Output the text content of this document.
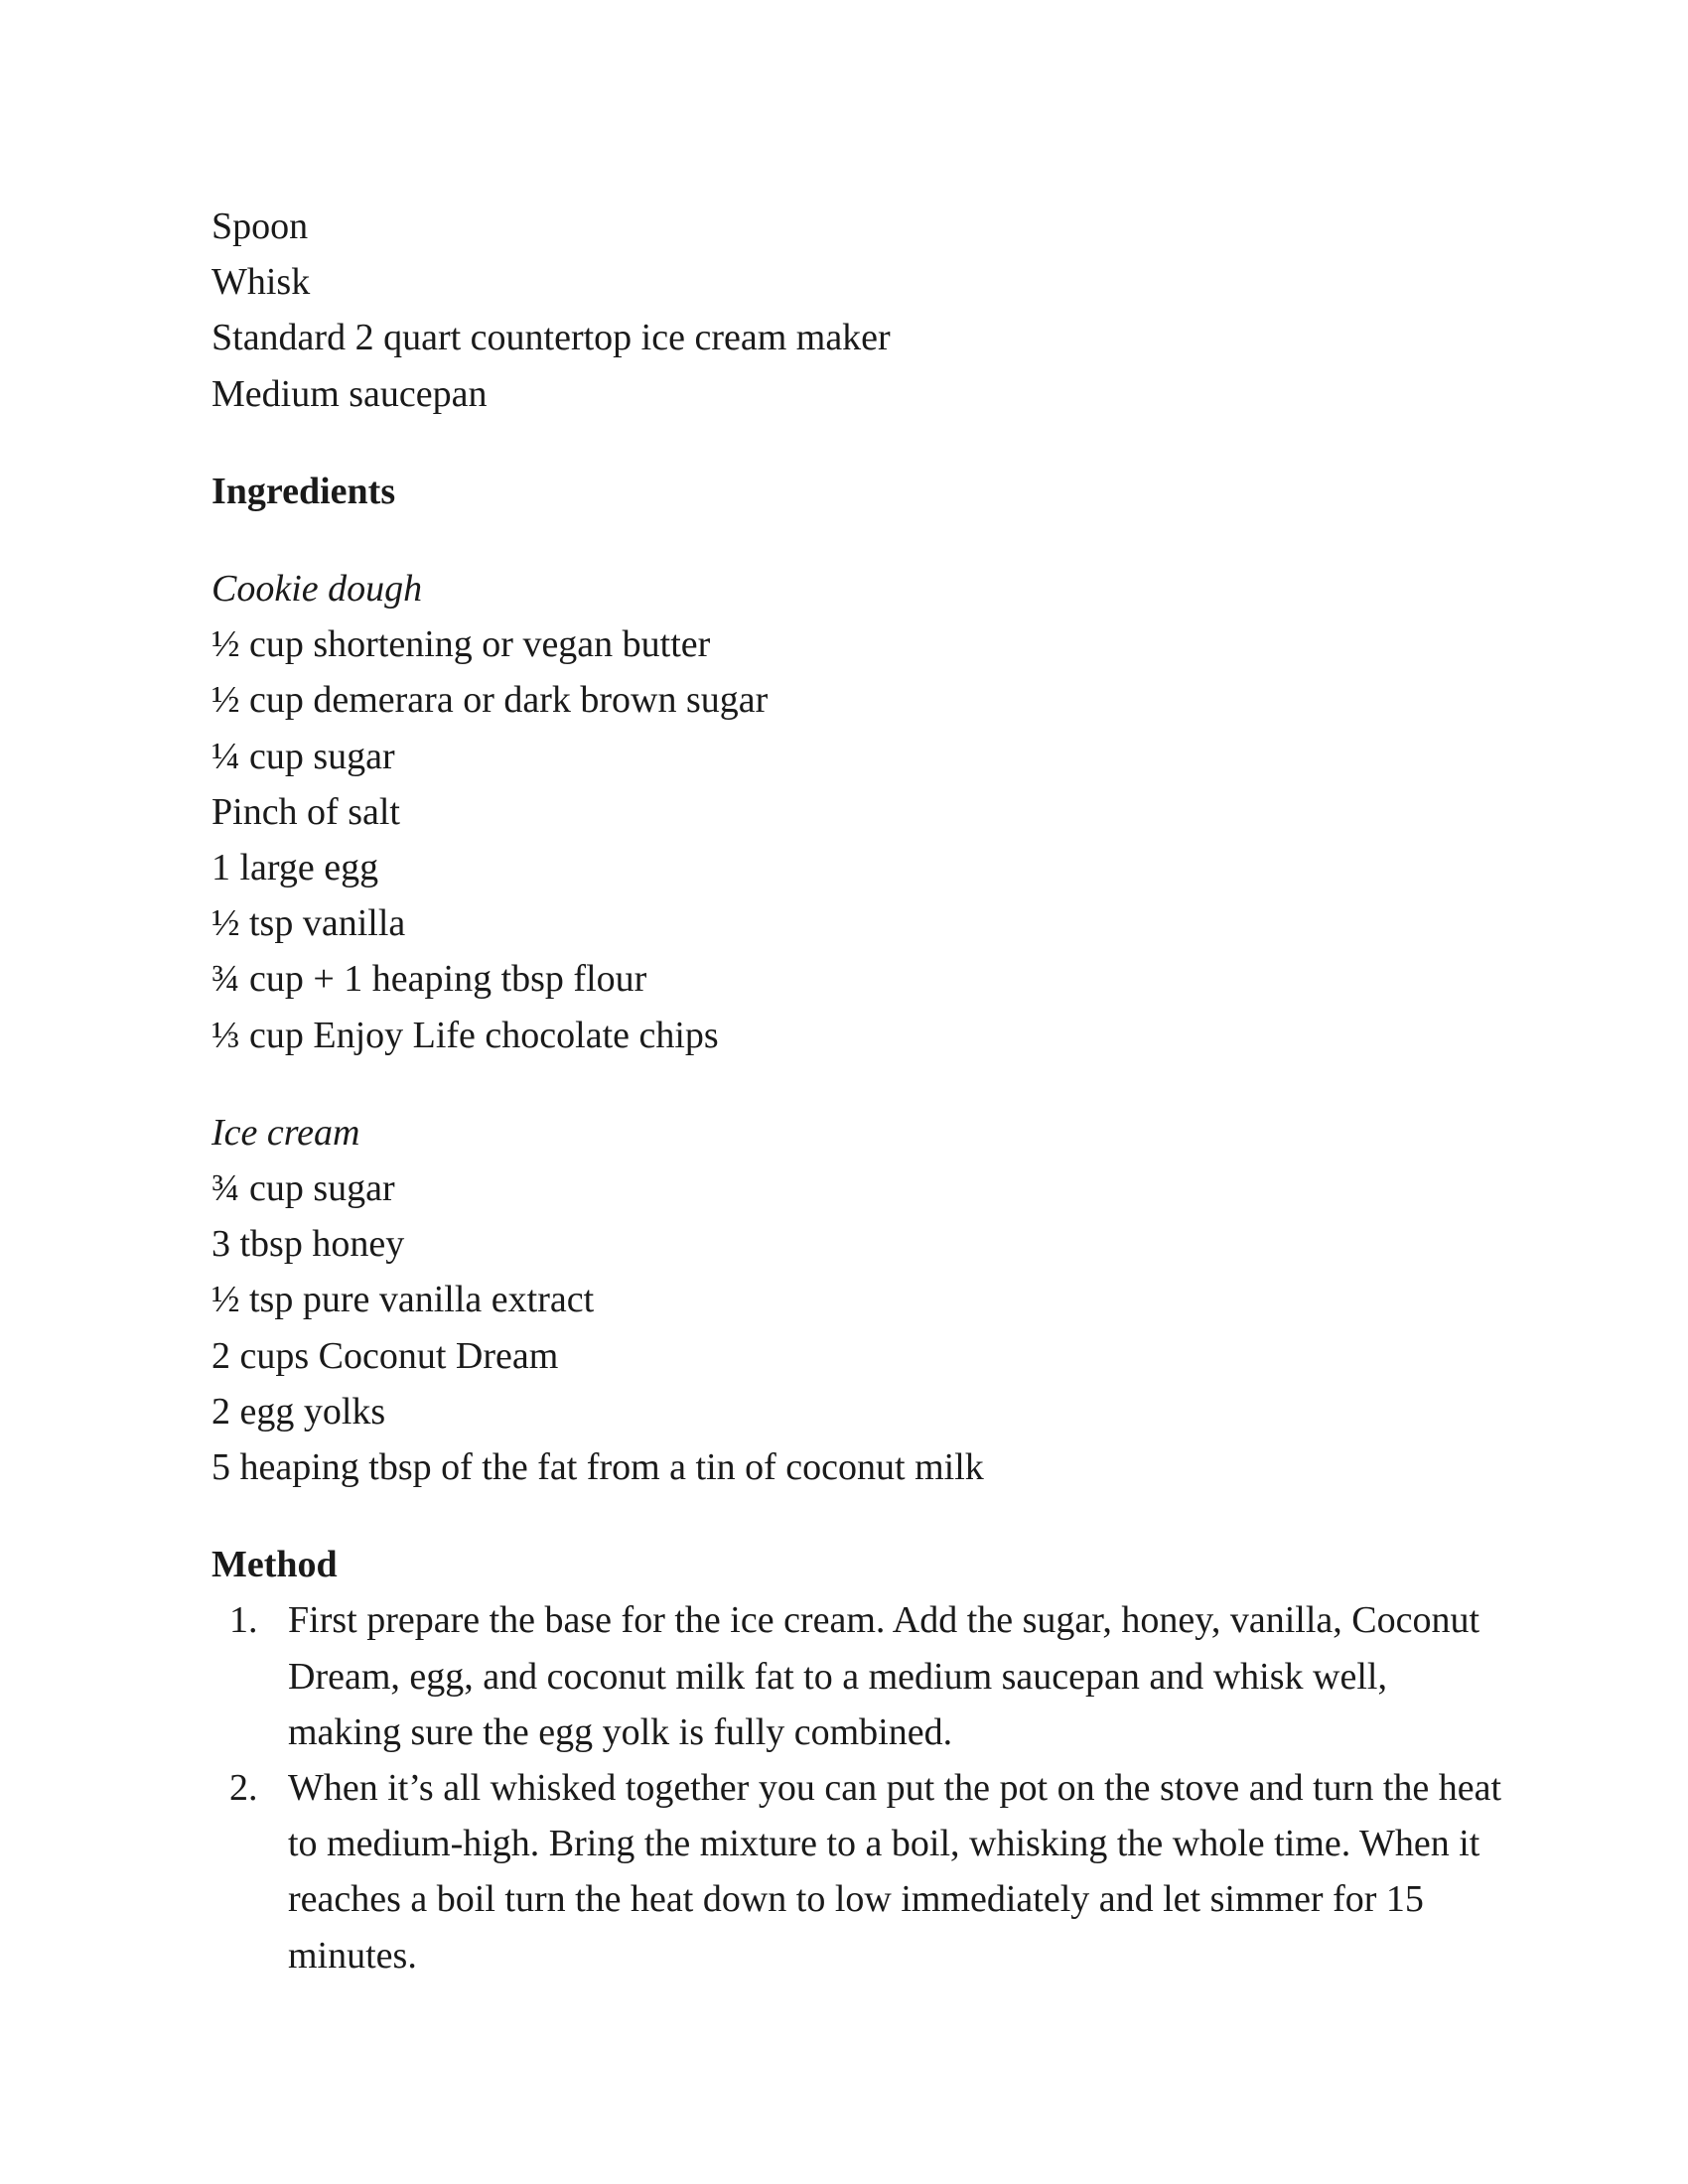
Spoon
Whisk
Standard 2 quart countertop ice cream maker
Medium saucepan
Ingredients
Cookie dough
½ cup shortening or vegan butter
½ cup demerara or dark brown sugar
¼ cup sugar
Pinch of salt
1 large egg
½ tsp vanilla
¾ cup + 1 heaping tbsp flour
⅓ cup Enjoy Life chocolate chips
Ice cream
¾ cup sugar
3 tbsp honey
½ tsp pure vanilla extract
2 cups Coconut Dream
2 egg yolks
5 heaping tbsp of the fat from a tin of coconut milk
Method
1. First prepare the base for the ice cream. Add the sugar, honey, vanilla, Coconut Dream, egg, and coconut milk fat to a medium saucepan and whisk well, making sure the egg yolk is fully combined.
2. When it’s all whisked together you can put the pot on the stove and turn the heat to medium-high. Bring the mixture to a boil, whisking the whole time. When it reaches a boil turn the heat down to low immediately and let simmer for 15 minutes.
